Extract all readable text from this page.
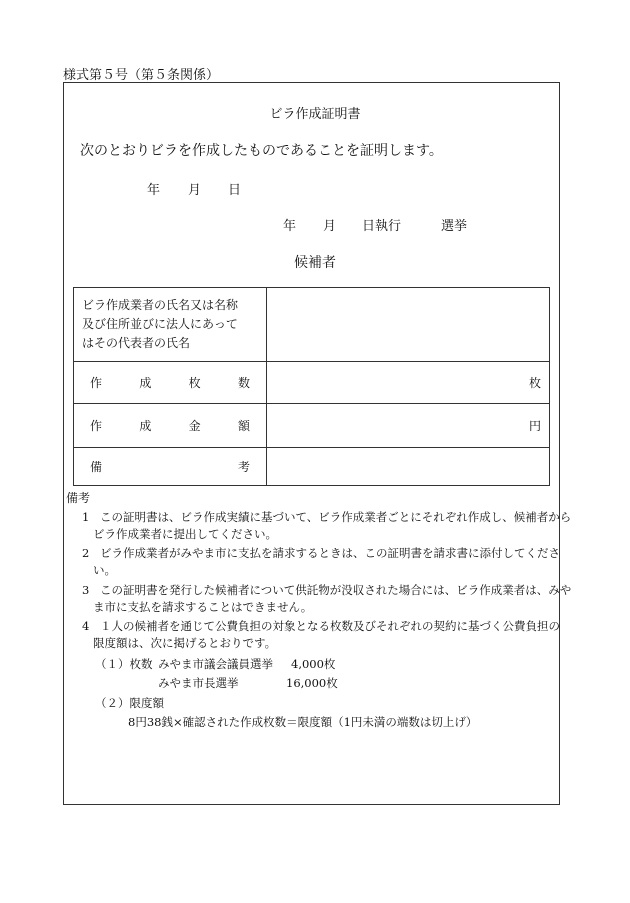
様式第５号（第５条関係）
ビラ作成証明書
次のとおりビラを作成したものであることを証明します。
年 月 日
年 月 日執行	選挙
候補者
ビラ作成業者の氏名又は名称
及び住所並びに法人にあって
はその代表者の氏名	

作 成 枚 数	枚

作 成 金 額	円

備 考	

備考
1 この証明書は、ビラ作成実績に基づいて、ビラ作成業者ごとにそれぞれ作成し、候補者から
ビラ作成業者に提出してください。
2 ビラ作成業者がみやま市に支払を請求するときは、この証明書を請求書に添付してくださ
い。
3 この証明書を発行した候補者について供託物が没収された場合には、ビラ作成業者は、みや
ま市に支払を請求することはできません。
4 １人の候補者を通じて公費負担の対象となる枚数及びそれぞれの契約に基づく公費負担の
限度額は、次に掲げるとおりです。
（１）枚数 みやま市議会議員選挙 4,000枚
みやま市長選挙	16,000枚
（２）限度額
8円38銭×確認された作成枚数＝限度額（1円未満の端数は切上げ）
